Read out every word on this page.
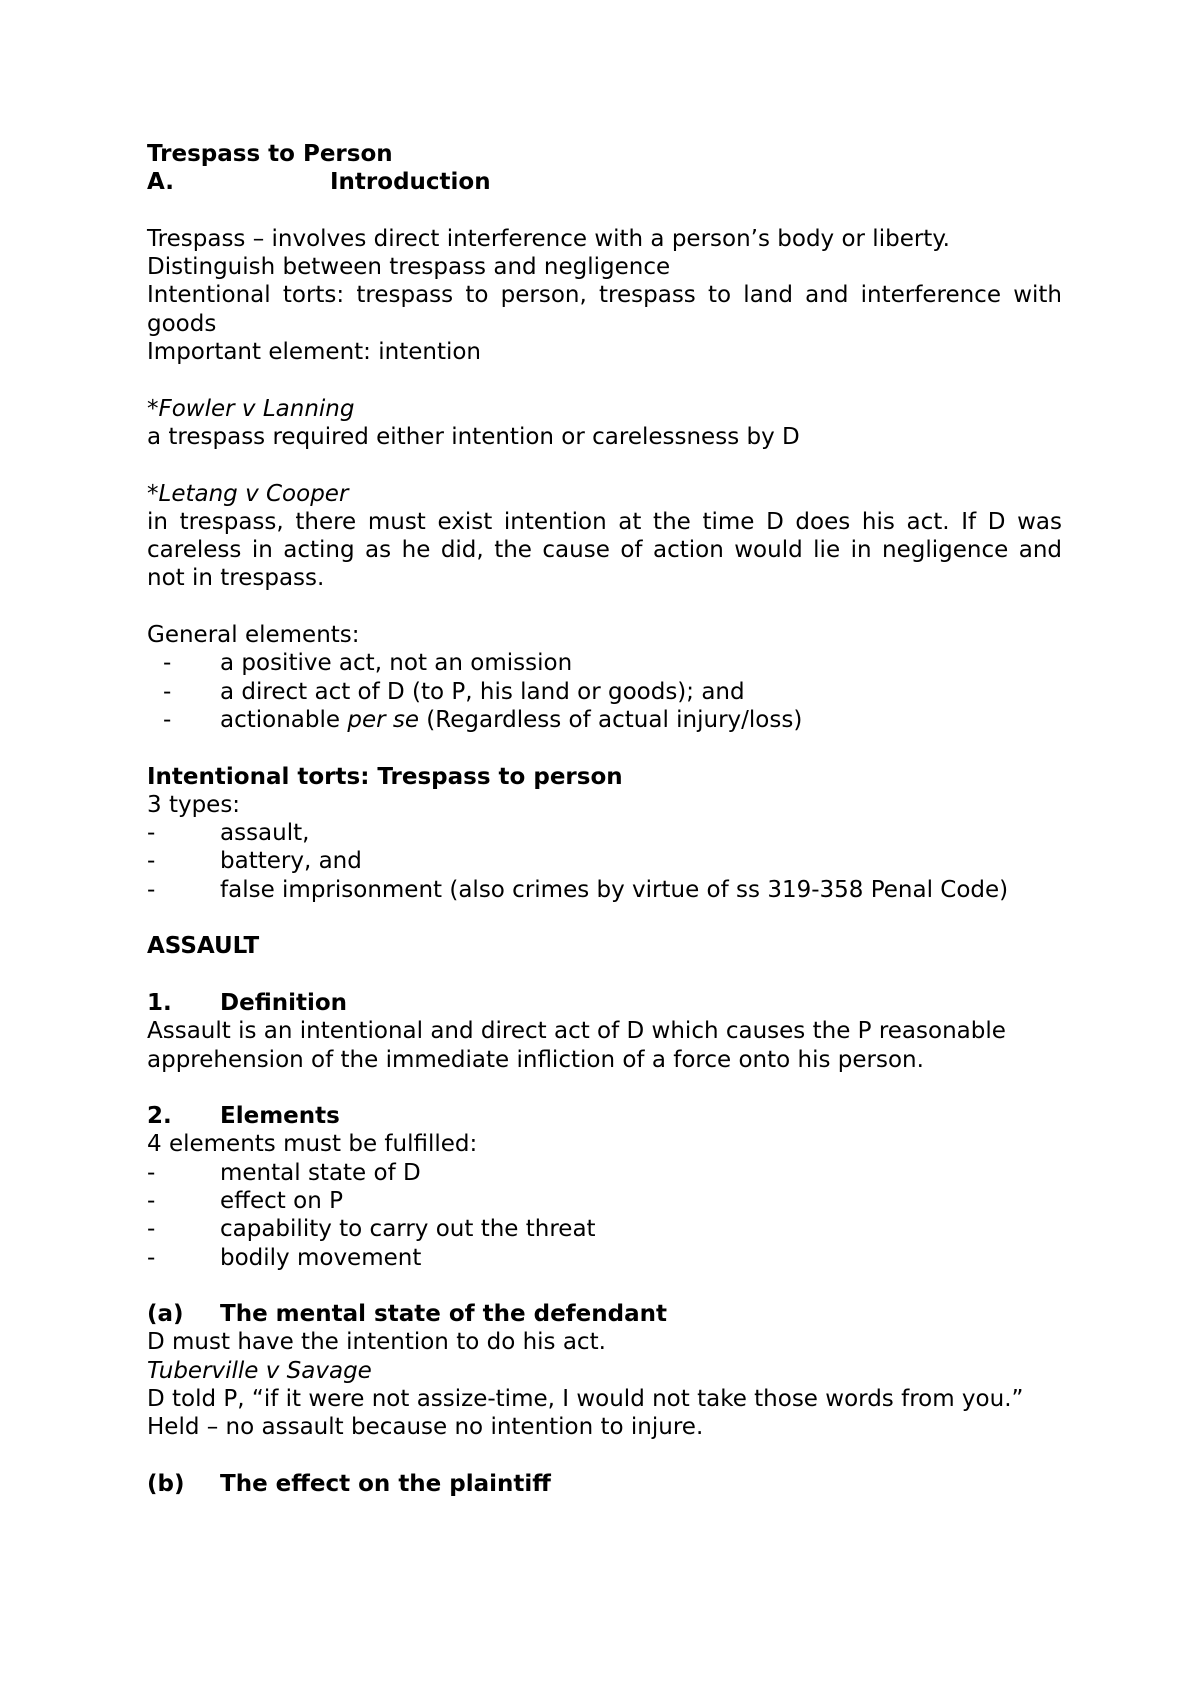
Trespass to Person

A.	Introduction

Trespass – involves direct interference with a person’s body or liberty.

Distinguish between trespass and negligence

Intentional torts: trespass to person, trespass to land and interference with goods

Important element: intention

*Fowler v Lanning

a trespass required either intention or carelessness by D

*Letang v Cooper

in trespass, there must exist intention at the time D does his act. If D was careless in acting as he did, the cause of action would lie in negligence and not in trespass.

General elements:

-	a positive act, not an omission
-	a direct act of D (to P, his land or goods); and
-	actionable per se (Regardless of actual injury/loss)

Intentional torts: Trespass to person

3 types:

-	assault,
-	battery, and
-	false imprisonment (also crimes by virtue of ss 319-358 Penal Code)

ASSAULT

1.	Definition

Assault is an intentional and direct act of D which causes the P reasonable apprehension of the immediate infliction of a force onto his person.

2.	Elements

4 elements must be fulfilled:

-	mental state of D
-	effect on P
-	capability to carry out the threat
-	bodily movement
(a)	The mental state of the defendant

D must have the intention to do his act.

Tuberville v Savage

D told P, “if it were not assize-time, I would not take those words from you.”

Held – no assault because no intention to injure.

(b)	The effect on the plaintiff
